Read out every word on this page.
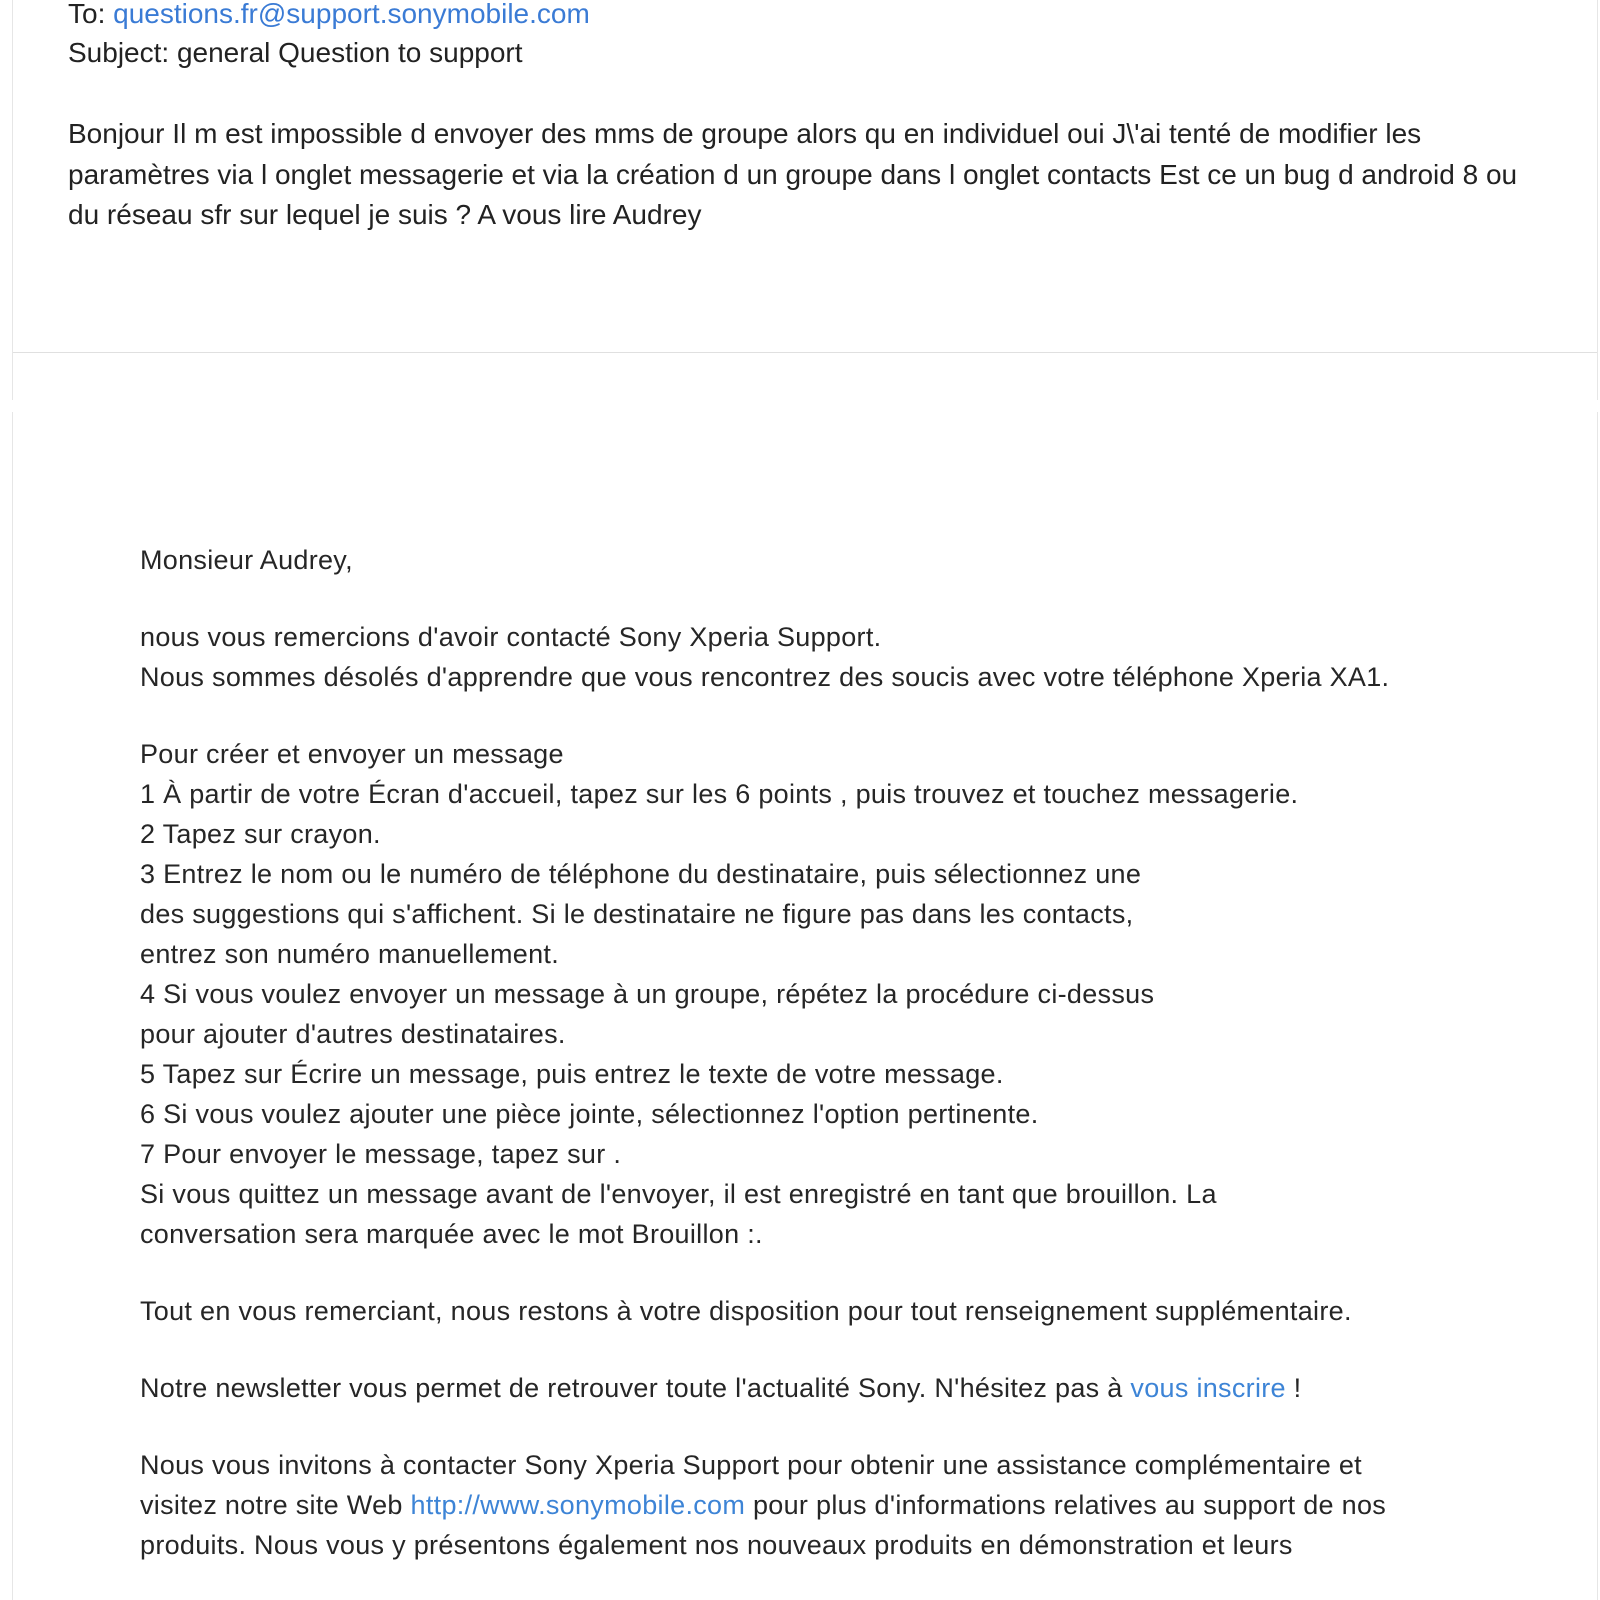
To: questions.fr@support.sonymobile.com
Subject: general Question to support
Bonjour Il m est impossible d envoyer des mms de groupe alors qu en individuel oui J\'ai tenté de modifier les paramètres via l onglet messagerie et via la création d un groupe dans l onglet contacts Est ce un bug d android 8 ou du réseau sfr sur lequel je suis ? A vous lire Audrey
Monsieur Audrey,
nous vous remercions d'avoir contacté Sony Xperia Support.
Nous sommes désolés d'apprendre que vous rencontrez des soucis avec votre téléphone Xperia XA1.
Pour créer et envoyer un message
1 À partir de votre Écran d'accueil, tapez sur les 6 points , puis trouvez et touchez messagerie.
2 Tapez sur crayon.
3 Entrez le nom ou le numéro de téléphone du destinataire, puis sélectionnez une
des suggestions qui s'affichent. Si le destinataire ne figure pas dans les contacts,
entrez son numéro manuellement.
4 Si vous voulez envoyer un message à un groupe, répétez la procédure ci-dessus
pour ajouter d'autres destinataires.
5 Tapez sur Écrire un message, puis entrez le texte de votre message.
6 Si vous voulez ajouter une pièce jointe, sélectionnez l'option pertinente.
7 Pour envoyer le message, tapez sur .
Si vous quittez un message avant de l'envoyer, il est enregistré en tant que brouillon. La
conversation sera marquée avec le mot Brouillon :.
Tout en vous remerciant, nous restons à votre disposition pour tout renseignement supplémentaire.
Notre newsletter vous permet de retrouver toute l'actualité Sony. N'hésitez pas à vous inscrire !
Nous vous invitons à contacter Sony Xperia Support pour obtenir une assistance complémentaire et
visitez notre site Web http://www.sonymobile.com pour plus d'informations relatives au support de nos
produits. Nous vous y présentons également nos nouveaux produits en démonstration et leurs
